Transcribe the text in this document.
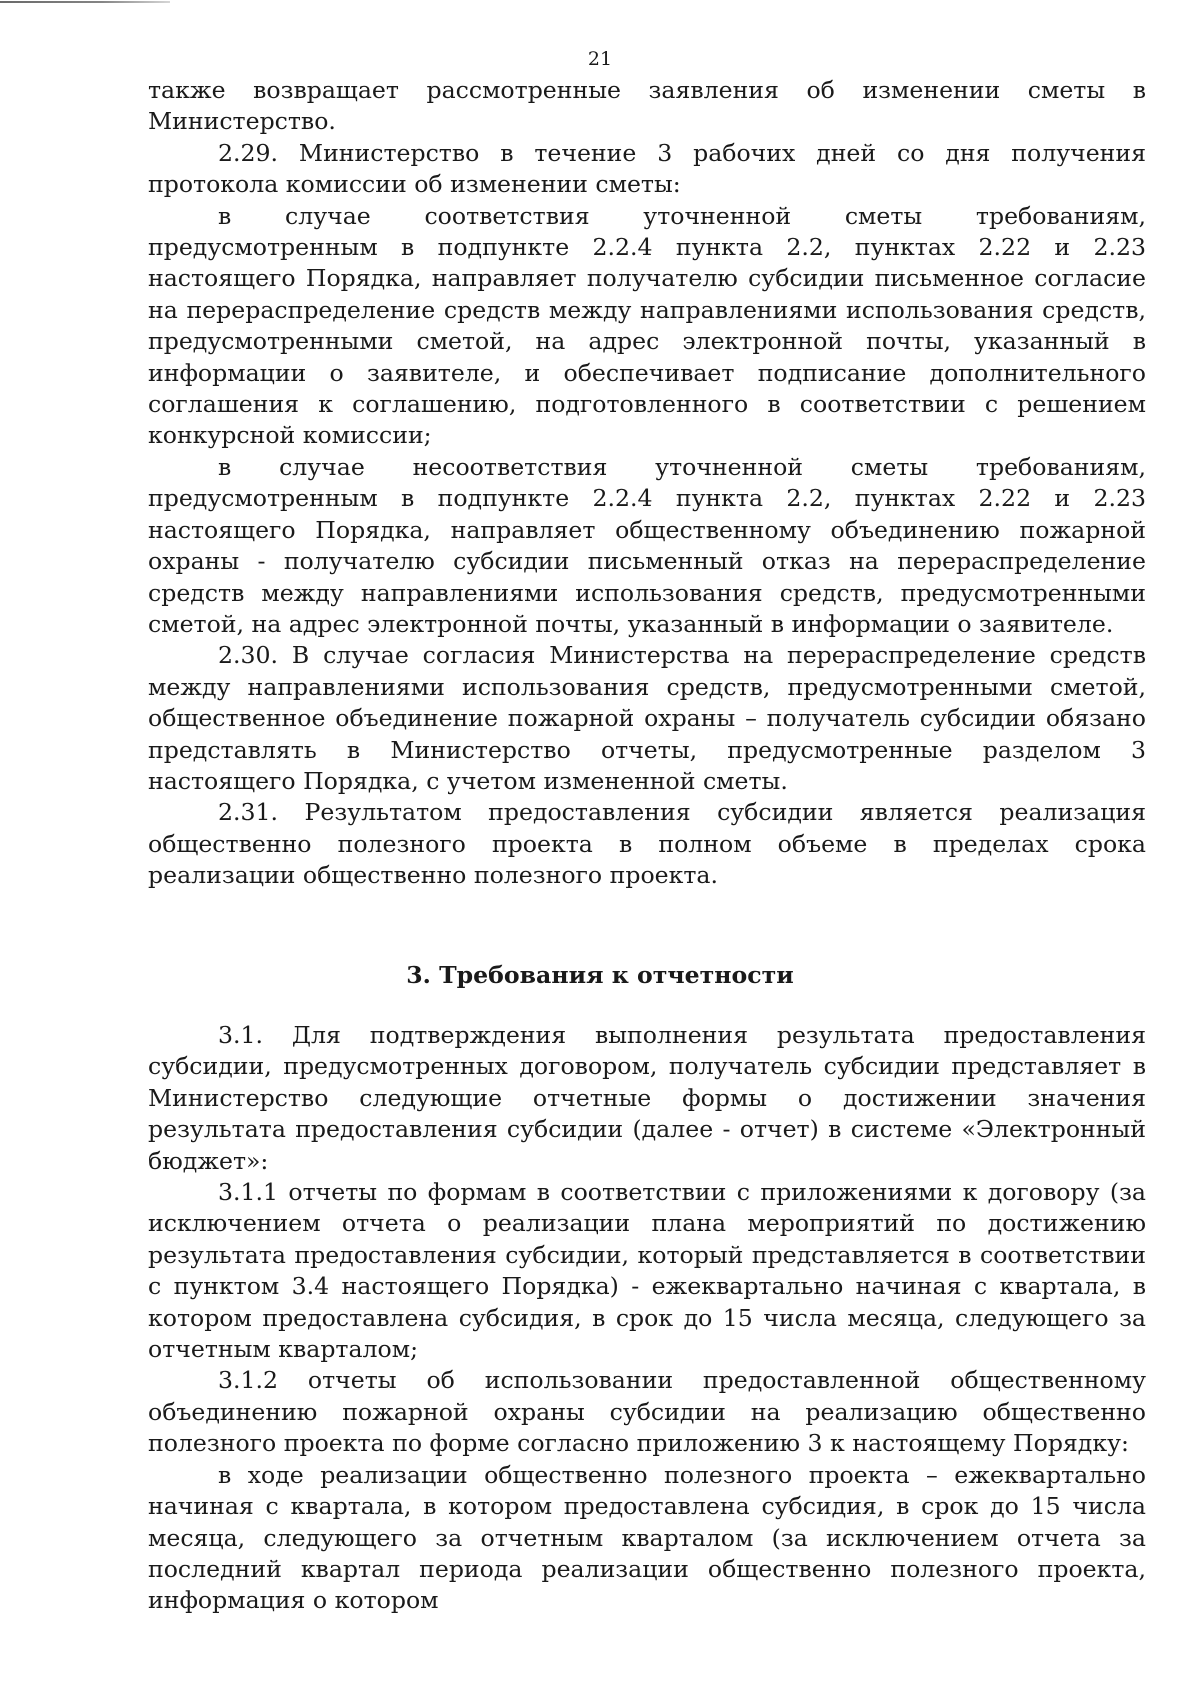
21

также возвращает рассмотренные заявления об изменении сметы в Министерство.

2.29. Министерство в течение 3 рабочих дней со дня получения протокола комиссии об изменении сметы:

в случае соответствия уточненной сметы требованиям, предусмотренным в подпункте 2.2.4 пункта 2.2, пунктах 2.22 и 2.23 настоящего Порядка, направляет получателю субсидии письменное согласие на перераспределение средств между направлениями использования средств, предусмотренными сметой, на адрес электронной почты, указанный в информации о заявителе, и обеспечивает подписание дополнительного соглашения к соглашению, подготовленного в соответствии с решением конкурсной комиссии;

в случае несоответствия уточненной сметы требованиям, предусмотренным в подпункте 2.2.4 пункта 2.2, пунктах 2.22 и 2.23 настоящего Порядка, направляет общественному объединению пожарной охраны - получателю субсидии письменный отказ на перераспределение средств между направлениями использования средств, предусмотренными сметой, на адрес электронной почты, указанный в информации о заявителе.

2.30. В случае согласия Министерства на перераспределение средств между направлениями использования средств, предусмотренными сметой, общественное объединение пожарной охраны – получатель субсидии обязано представлять в Министерство отчеты, предусмотренные разделом 3 настоящего Порядка, с учетом измененной сметы.

2.31. Результатом предоставления субсидии является реализация общественно полезного проекта в полном объеме в пределах срока реализации общественно полезного проекта.

3. Требования к отчетности

3.1. Для подтверждения выполнения результата предоставления субсидии, предусмотренных договором, получатель субсидии представляет в Министерство следующие отчетные формы о достижении значения результата предоставления субсидии (далее - отчет) в системе «Электронный бюджет»:

3.1.1 отчеты по формам в соответствии с приложениями к договору (за исключением отчета о реализации плана мероприятий по достижению результата предоставления субсидии, который представляется в соответствии с пунктом 3.4 настоящего Порядка) - ежеквартально начиная с квартала, в котором предоставлена субсидия, в срок до 15 числа месяца, следующего за отчетным кварталом;

3.1.2 отчеты об использовании предоставленной общественному объединению пожарной охраны субсидии на реализацию общественно полезного проекта по форме согласно приложению 3 к настоящему Порядку:

в ходе реализации общественно полезного проекта – ежеквартально начиная с квартала, в котором предоставлена субсидия, в срок до 15 числа месяца, следующего за отчетным кварталом (за исключением отчета за последний квартал периода реализации общественно полезного проекта, информация о котором
